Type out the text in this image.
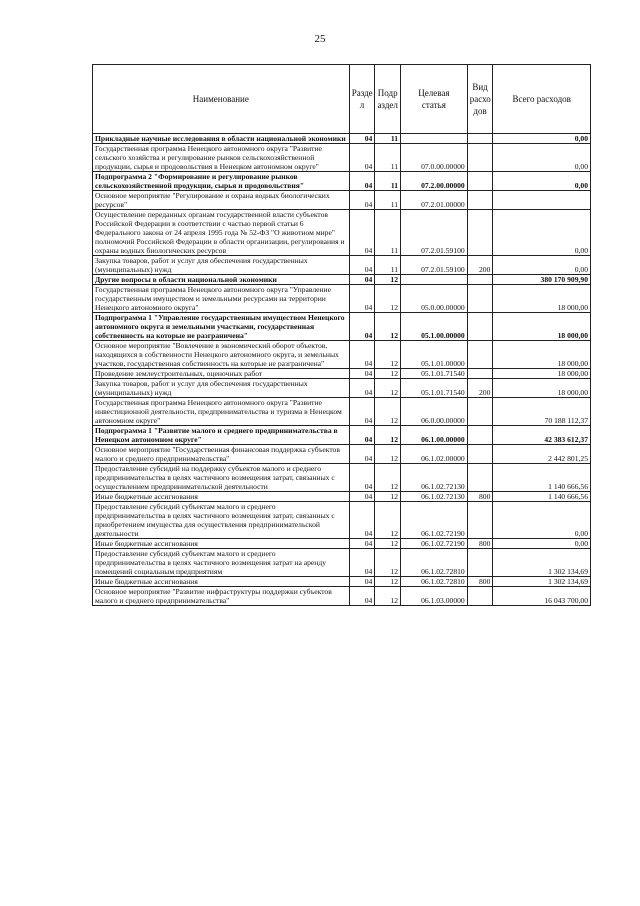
25
Наименование	Разде
л	Подр
аздел	Целевая
статья	Вид
расхо
дов	Всего расходов
Прикладные научные исследования в области национальной экономики	04	11			0,00
Государственная программа Ненецкого автономного округа "Развитие сельского хозяйства и регулирование рынков сельскохозяйственной продукции, сырья и продовольствия в Ненецком автономном округе"	04	11	07.0.00.00000		0,00
Подпрограмма 2 "Формирование и регулирование рынков сельскохозяйственной продукции, сырья и продовольствия"	04	11	07.2.00.00000		0,00
Основное мероприятие "Регулирование и охрана водных биологических ресурсов"	04	11	07.2.01.00000		
Осуществление переданных органам государственной власти субъектов Российской Федерации в соответствии с частью первой статьи 6 Федерального закона от 24 апреля 1995 года № 52-ФЗ "О животном мире" полномочий Российской Федерации в области организации, регулирования и охраны водных биологических ресурсов	04	11	07.2.01.59100		0,00
Закупка товаров, работ и услуг для обеспечения государственных (муниципальных) нужд	04	11	07.2.01.59100	200	0,00
Другие вопросы в области национальной экономики	04	12			380 170 909,90
Государственная программа Ненецкого автономного округа "Управление государственным имуществом и земельными ресурсами на территории Ненецкого автономного округа"	04	12	05.0.00.00000		18 000,00
Подпрограмма 1 "Управление государственным имуществом Ненецкого автономного округа и земельными участками, государственная собственность на которые не разграничена"	04	12	05.1.00.00000		18 000,00
Основное мероприятие "Вовлечение в экономический оборот объектов, находящихся в собственности Ненецкого автономного округа, и земельных участков, государственная собственность на которые не разграничена"	04	12	05.1.01.00000		18 000,00
Проведение землеустроительных, оценочных работ	04	12	05.1.01.71540		18 000,00
Закупка товаров, работ и услуг для обеспечения государственных (муниципальных) нужд	04	12	05.1.01.71540	200	18 000,00
Государственная программа Ненецкого автономного округа "Развитие инвестиционной деятельности, предпринимательства и туризма в Ненецком автономном округе"	04	12	06.0.00.00000		70 188 112,37
Подпрограмма 1 "Развитие малого и среднего предпринимательства в Ненецком автономном округе"	04	12	06.1.00.00000		42 383 612,37
Основное мероприятие "Государственная финансовая поддержка субъектов малого и среднего предпринимательства"	04	12	06.1.02.00000		2 442 801,25
Предоставление субсидий на поддержку субъектов малого и среднего предпринимательства в целях частичного возмещения затрат, связанных с осуществлением предпринимательской деятельности	04	12	06.1.02.72130		1 140 666,56
Иные бюджетные ассигнования	04	12	06.1.02.72130	800	1 140 666,56
Предоставление субсидий субъектам малого и среднего предпринимательства в целях частичного возмещения затрат, связанных с приобретением имущества для осуществления предпринимательской деятельности	04	12	06.1.02.72190		0,00
Иные бюджетные ассигнования	04	12	06.1.02.72190	800	0,00
Предоставление субсидий субъектам малого и среднего предпринимательства в целях частичного возмещения затрат на аренду помещений социальным предприятиям	04	12	06.1.02.72810		1 302 134,69
Иные бюджетные ассигнования	04	12	06.1.02.72810	800	1 302 134,69
Основное мероприятие "Развитие инфраструктуры поддержки субъектов малого и среднего предпринимательства"	04	12	06.1.03.00000		16 043 700,00
